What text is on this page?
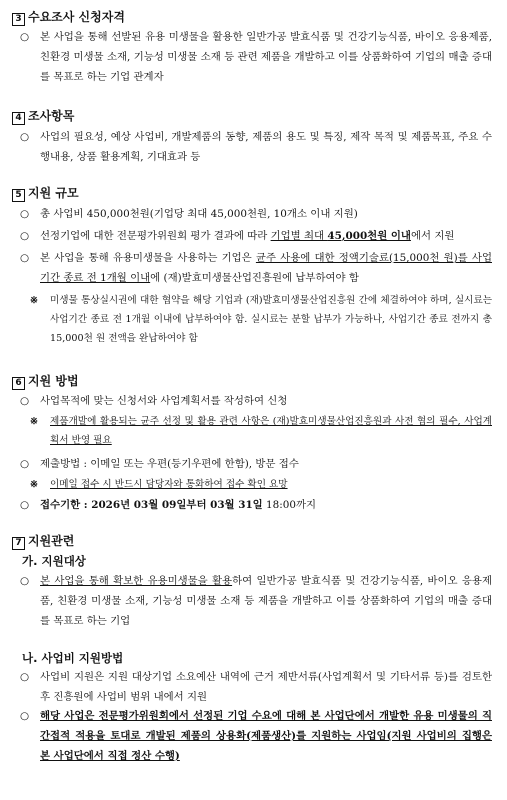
3 수요조사 신청자격
○	본 사업을 통해 선발된 유용 미생물을 활용한 일반가공 발효식품 및 건강기능식품, 바이오 응용제품, 친환경 미생물 소재, 기능성 미생물 소재 등 관련 제품을 개발하고 이를 상품화하여 기업의 매출 증대를 목표로 하는 기업 관계자
4 조사항목
○	사업의 필요성, 예상 사업비, 개발제품의 동향, 제품의 용도 및 특징, 제작 목적 및 제품목표, 주요 수행내용, 상품 활용계획, 기대효과 등
5 지원 규모
○	총 사업비 450,000천원(기업당 최대 45,000천원, 10개소 이내 지원)
○	선정기업에 대한 전문평가위원회 평가 결과에 따라 기업별 최대 45,000천원 이내에서 지원
○	본 사업을 통해 유용미생물을 사용하는 기업은 균주 사용에 대한 정액기술료(15,000천 원)를 사업기간 종료 전 1개월 이내에 (재)발효미생물산업진흥원에 납부하여야 함
※ 미생물 통상실시권에 대한 협약을 해당 기업과 (재)발효미생물산업진흥원 간에 체결하여야 하며, 실시료는 사업기간 종료 전 1개월 이내에 납부하여야 함. 실시료는 분할 납부가 가능하나, 사업기간 종료 전까지 총 15,000천 원 전액을 완납하여야 함
6 지원 방법
○	사업목적에 맞는 신청서와 사업계획서를 작성하여 신청
※ 제품개발에 활용되는 균주 선정 및 활용 관련 사항은 (재)발효미생물산업진흥원과 사전 협의 필수, 사업계획서 반영 필요
○	제출방법 : 이메일 또는 우편(등기우편에 한함), 방문 접수
※ 이메일 접수 시 반드시 담당자와 통화하여 접수 확인 요망
○	접수기한 : 2026년 03월 09일부터 03월 31일 18:00까지
7 지원관련
가. 지원대상
○	본 사업을 통해 확보한 유용미생물을 활용하여 일반가공 발효식품 및 건강기능식품, 바이오 응용제품, 친환경 미생물 소재, 기능성 미생물 소재 등 제품을 개발하고 이를 상품화하여 기업의 매출 증대를 목표로 하는 기업
나. 사업비 지원방법
○	사업비 지원은 지원 대상기업 소요예산 내역에 근거 제반서류(사업계획서 및 기타서류 등)를 검토한 후 진흥원에 사업비 범위 내에서 지원
○	해당 사업은 전문평가위원회에서 선정된 기업 수요에 대해 본 사업단에서 개발한 유용 미생물의 직간접적 적용을 토대로 개발된 제품의 상용화(제품생산)를 지원하는 사업임(지원 사업비의 집행은 본 사업단에서 직접 정산 수행)
